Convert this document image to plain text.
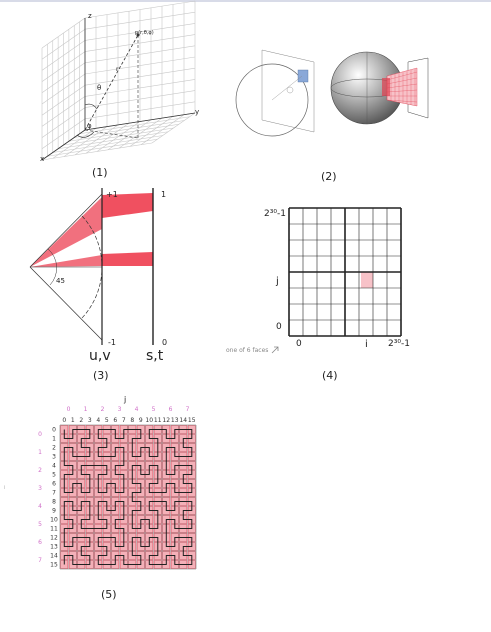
z
y
x
p(r,θ,φ)
θ
φ
r
(1)	(2)
+1	1
45
-1	0
u,v	s,t
(3)
2³⁰-1
j
0
0	i 2³⁰-1
one of 6 faces
(4)
j
i
0 1 2 3 4 5 6 7
0 1 2 3 4 5 6 7 8 9 10 11 12 13 14 15
0
1
2
3
4
5
6
7
0
1
2
3
4
5
6
7
8
9
10
11
12
13
14
15
(5)
